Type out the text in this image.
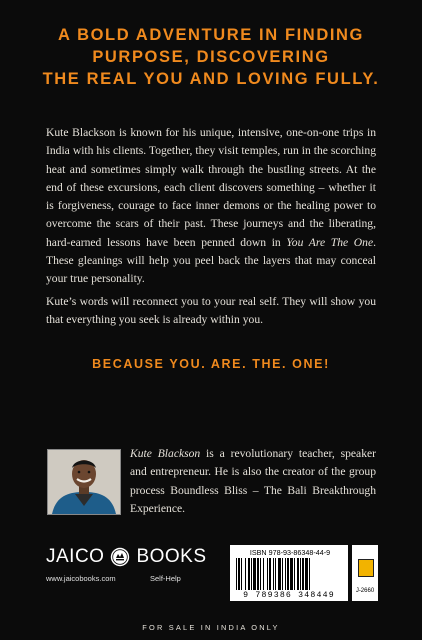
A BOLD ADVENTURE IN FINDING
PURPOSE, DISCOVERING
THE REAL YOU AND LOVING FULLY.
Kute Blackson is known for his unique, intensive, one-on-one trips in India with his clients. Together, they visit temples, run in the scorching heat and sometimes simply walk through the bustling streets. At the end of these excursions, each client discovers something – whether it is forgiveness, courage to face inner demons or the healing power to overcome the scars of their past. These journeys and the liberating, hard-earned lessons have been penned down in You Are The One. These gleanings will help you peel back the layers that may conceal your true personality.
Kute’s words will reconnect you to your real self. They will show you that everything you seek is already within you.
BECAUSE YOU. ARE. THE. ONE!
Kute Blackson is a revolutionary teacher, speaker and entrepreneur. He is also the creator of the group process Boundless Bliss – The Bali Breakthrough Experience.
JAICO BOOKS
www.jaicobooks.com	Self-Help
ISBN 978-93-86348-44-9
9 789386 348449	J-2660
FOR SALE IN INDIA ONLY
